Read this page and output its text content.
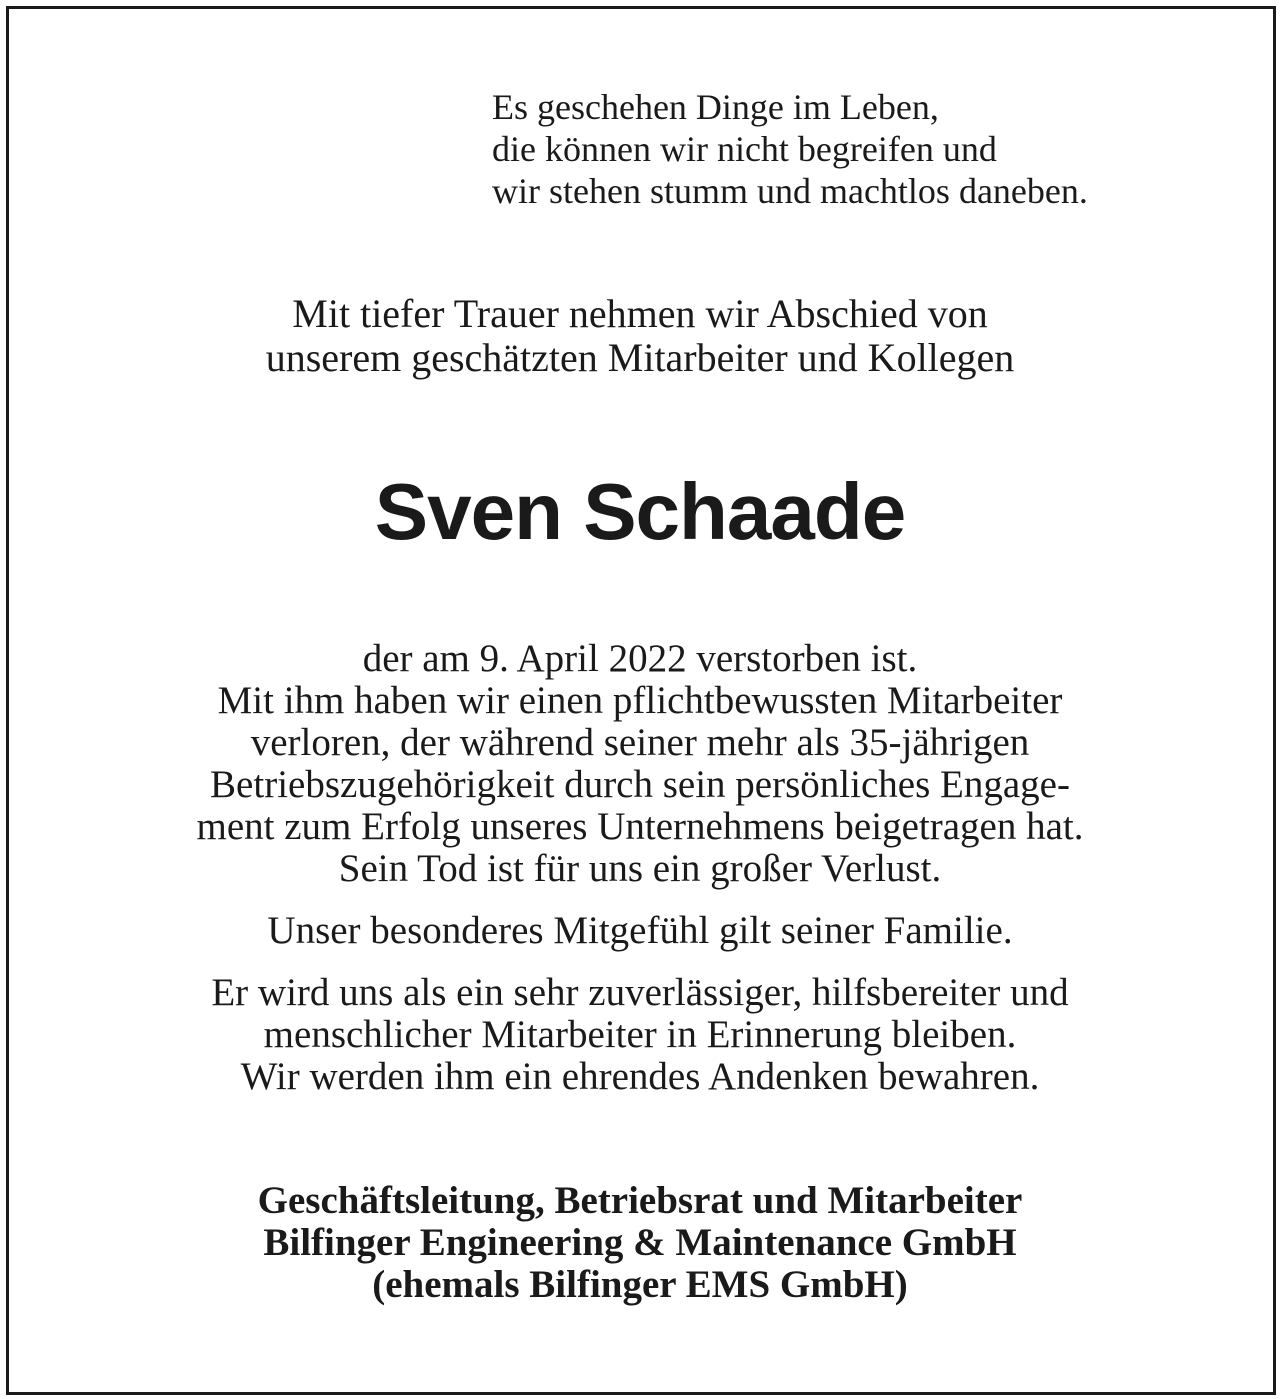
Es geschehen Dinge im Leben,
die können wir nicht begreifen und
wir stehen stumm und machtlos daneben.
Mit tiefer Trauer nehmen wir Abschied von
unserem geschätzten Mitarbeiter und Kollegen
Sven Schaade
der am 9. April 2022 verstorben ist.
Mit ihm haben wir einen pflichtbewussten Mitarbeiter
verloren, der während seiner mehr als 35-jährigen
Betriebszugehörigkeit durch sein persönliches Engage-
ment zum Erfolg unseres Unternehmens beigetragen hat.
Sein Tod ist für uns ein großer Verlust.
Unser besonderes Mitgefühl gilt seiner Familie.
Er wird uns als ein sehr zuverlässiger, hilfsbereiter und
menschlicher Mitarbeiter in Erinnerung bleiben.
Wir werden ihm ein ehrendes Andenken bewahren.
Geschäftsleitung, Betriebsrat und Mitarbeiter
Bilfinger Engineering & Maintenance GmbH
(ehemals Bilfinger EMS GmbH)
